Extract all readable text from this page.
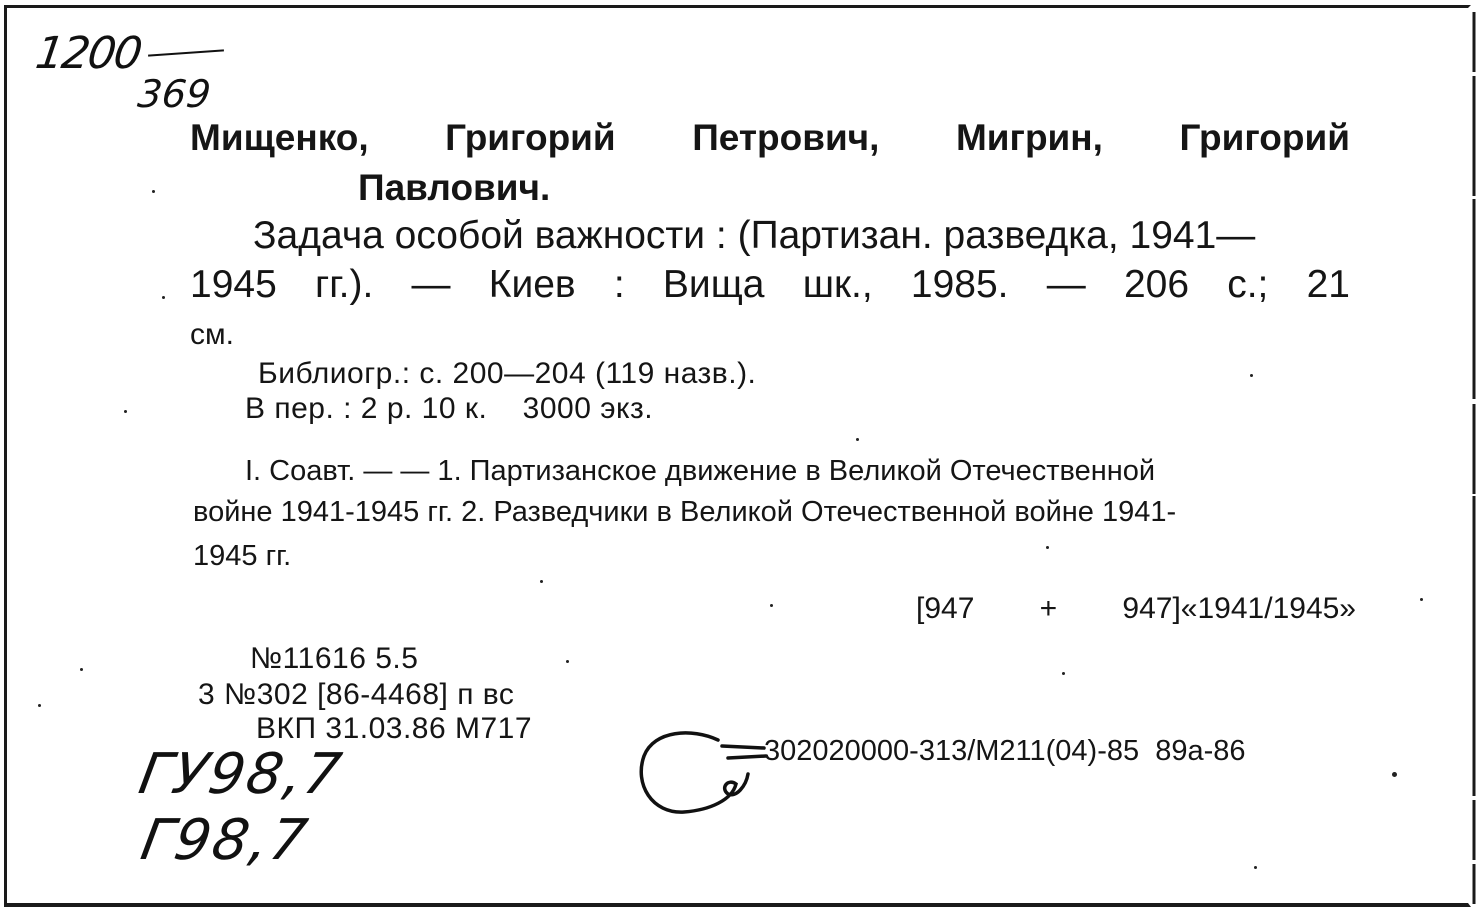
1200
369
Мищенко, Григорий Петрович, Мигрин, Григорий
Павлович.
Задача особой важности : (Партизан. разведка, 1941—
1945 гг.). — Киев : Вища шк., 1985. — 206 с.; 21
см.
Библиогр.: с. 200—204 (119 назв.).
В пер. : 2 р. 10 к.    3000 экз.
I. Соавт. — — 1. Партизанское движение в Великой Отечественной
войне 1941-1945 гг. 2. Разведчики в Великой Отечественной войне 1941-
1945 гг.
[947 + 947]«1941/1945»
№11616 5.5
3 №302 [86-4468] п вс
ВКП 31.03.86 М717
302020000-313/М211(04)-85  89а-86
ГУ98,7
Г98,7
